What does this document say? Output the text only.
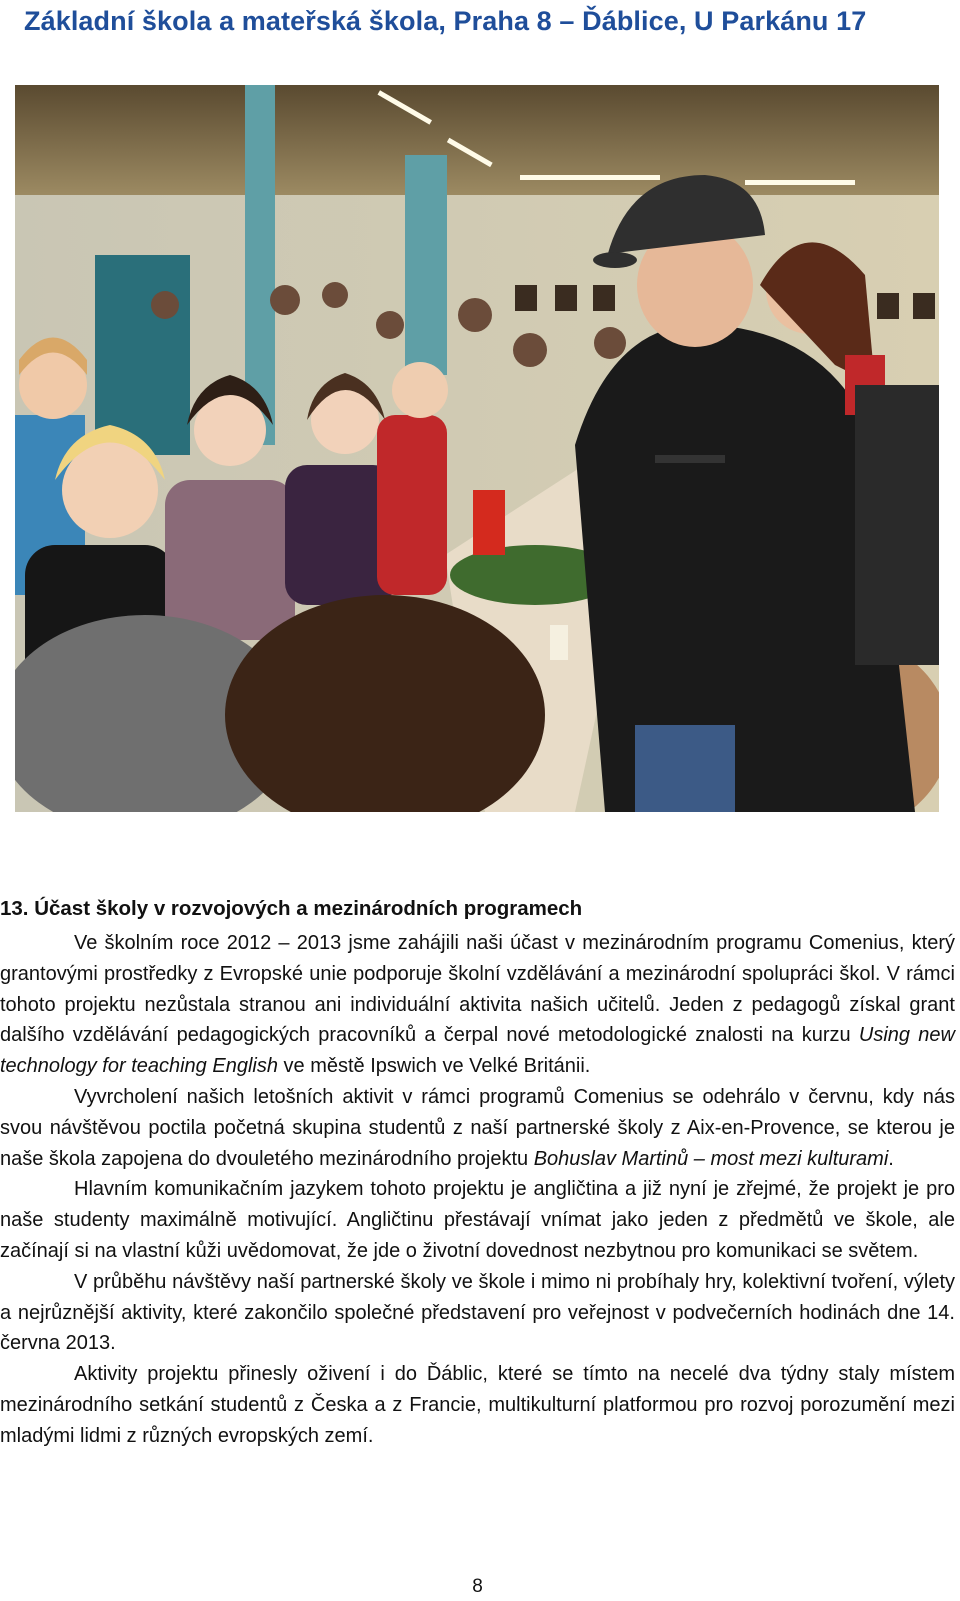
Základní škola a mateřská škola, Praha 8 – Ďáblice, U Parkánu 17
13. Účast školy v rozvojových a mezinárodních programech

Ve školním roce 2012 – 2013 jsme zahájili naši účast v mezinárodním programu Comenius, který grantovými prostředky z Evropské unie podporuje školní vzdělávání a mezinárodní spolupráci škol. V rámci tohoto projektu nezůstala stranou ani individuální aktivita našich učitelů. Jeden z pedagogů získal grant dalšího vzdělávání pedagogických pracovníků a čerpal nové metodologické znalosti na kurzu Using new technology for teaching English ve městě Ipswich ve Velké Británii.

Vyvrcholení našich letošních aktivit v rámci programů Comenius se odehrálo v červnu, kdy nás svou návštěvou poctila početná skupina studentů z naší partnerské školy z Aix-en-Provence, se kterou je naše škola zapojena do dvouletého mezinárodního projektu Bohuslav Martinů – most mezi kulturami.

Hlavním komunikačním jazykem tohoto projektu je angličtina a již nyní je zřejmé, že projekt je pro naše studenty maximálně motivující. Angličtinu přestávají vnímat jako jeden z předmětů ve škole, ale začínají si na vlastní kůži uvědomovat, že jde o životní dovednost nezbytnou pro komunikaci se světem.

V průběhu návštěvy naší partnerské školy ve škole i mimo ni probíhaly hry, kolektivní tvoření, výlety a nejrůznější aktivity, které zakončilo společné představení pro veřejnost v podvečerních hodinách dne 14. června 2013.

Aktivity projektu přinesly oživení i do Ďáblic, které se tímto na necelé dva týdny staly místem mezinárodního setkání studentů z Česka a z Francie, multikulturní platformou pro rozvoj porozumění mezi mladými lidmi z různých evropských zemí.

8
